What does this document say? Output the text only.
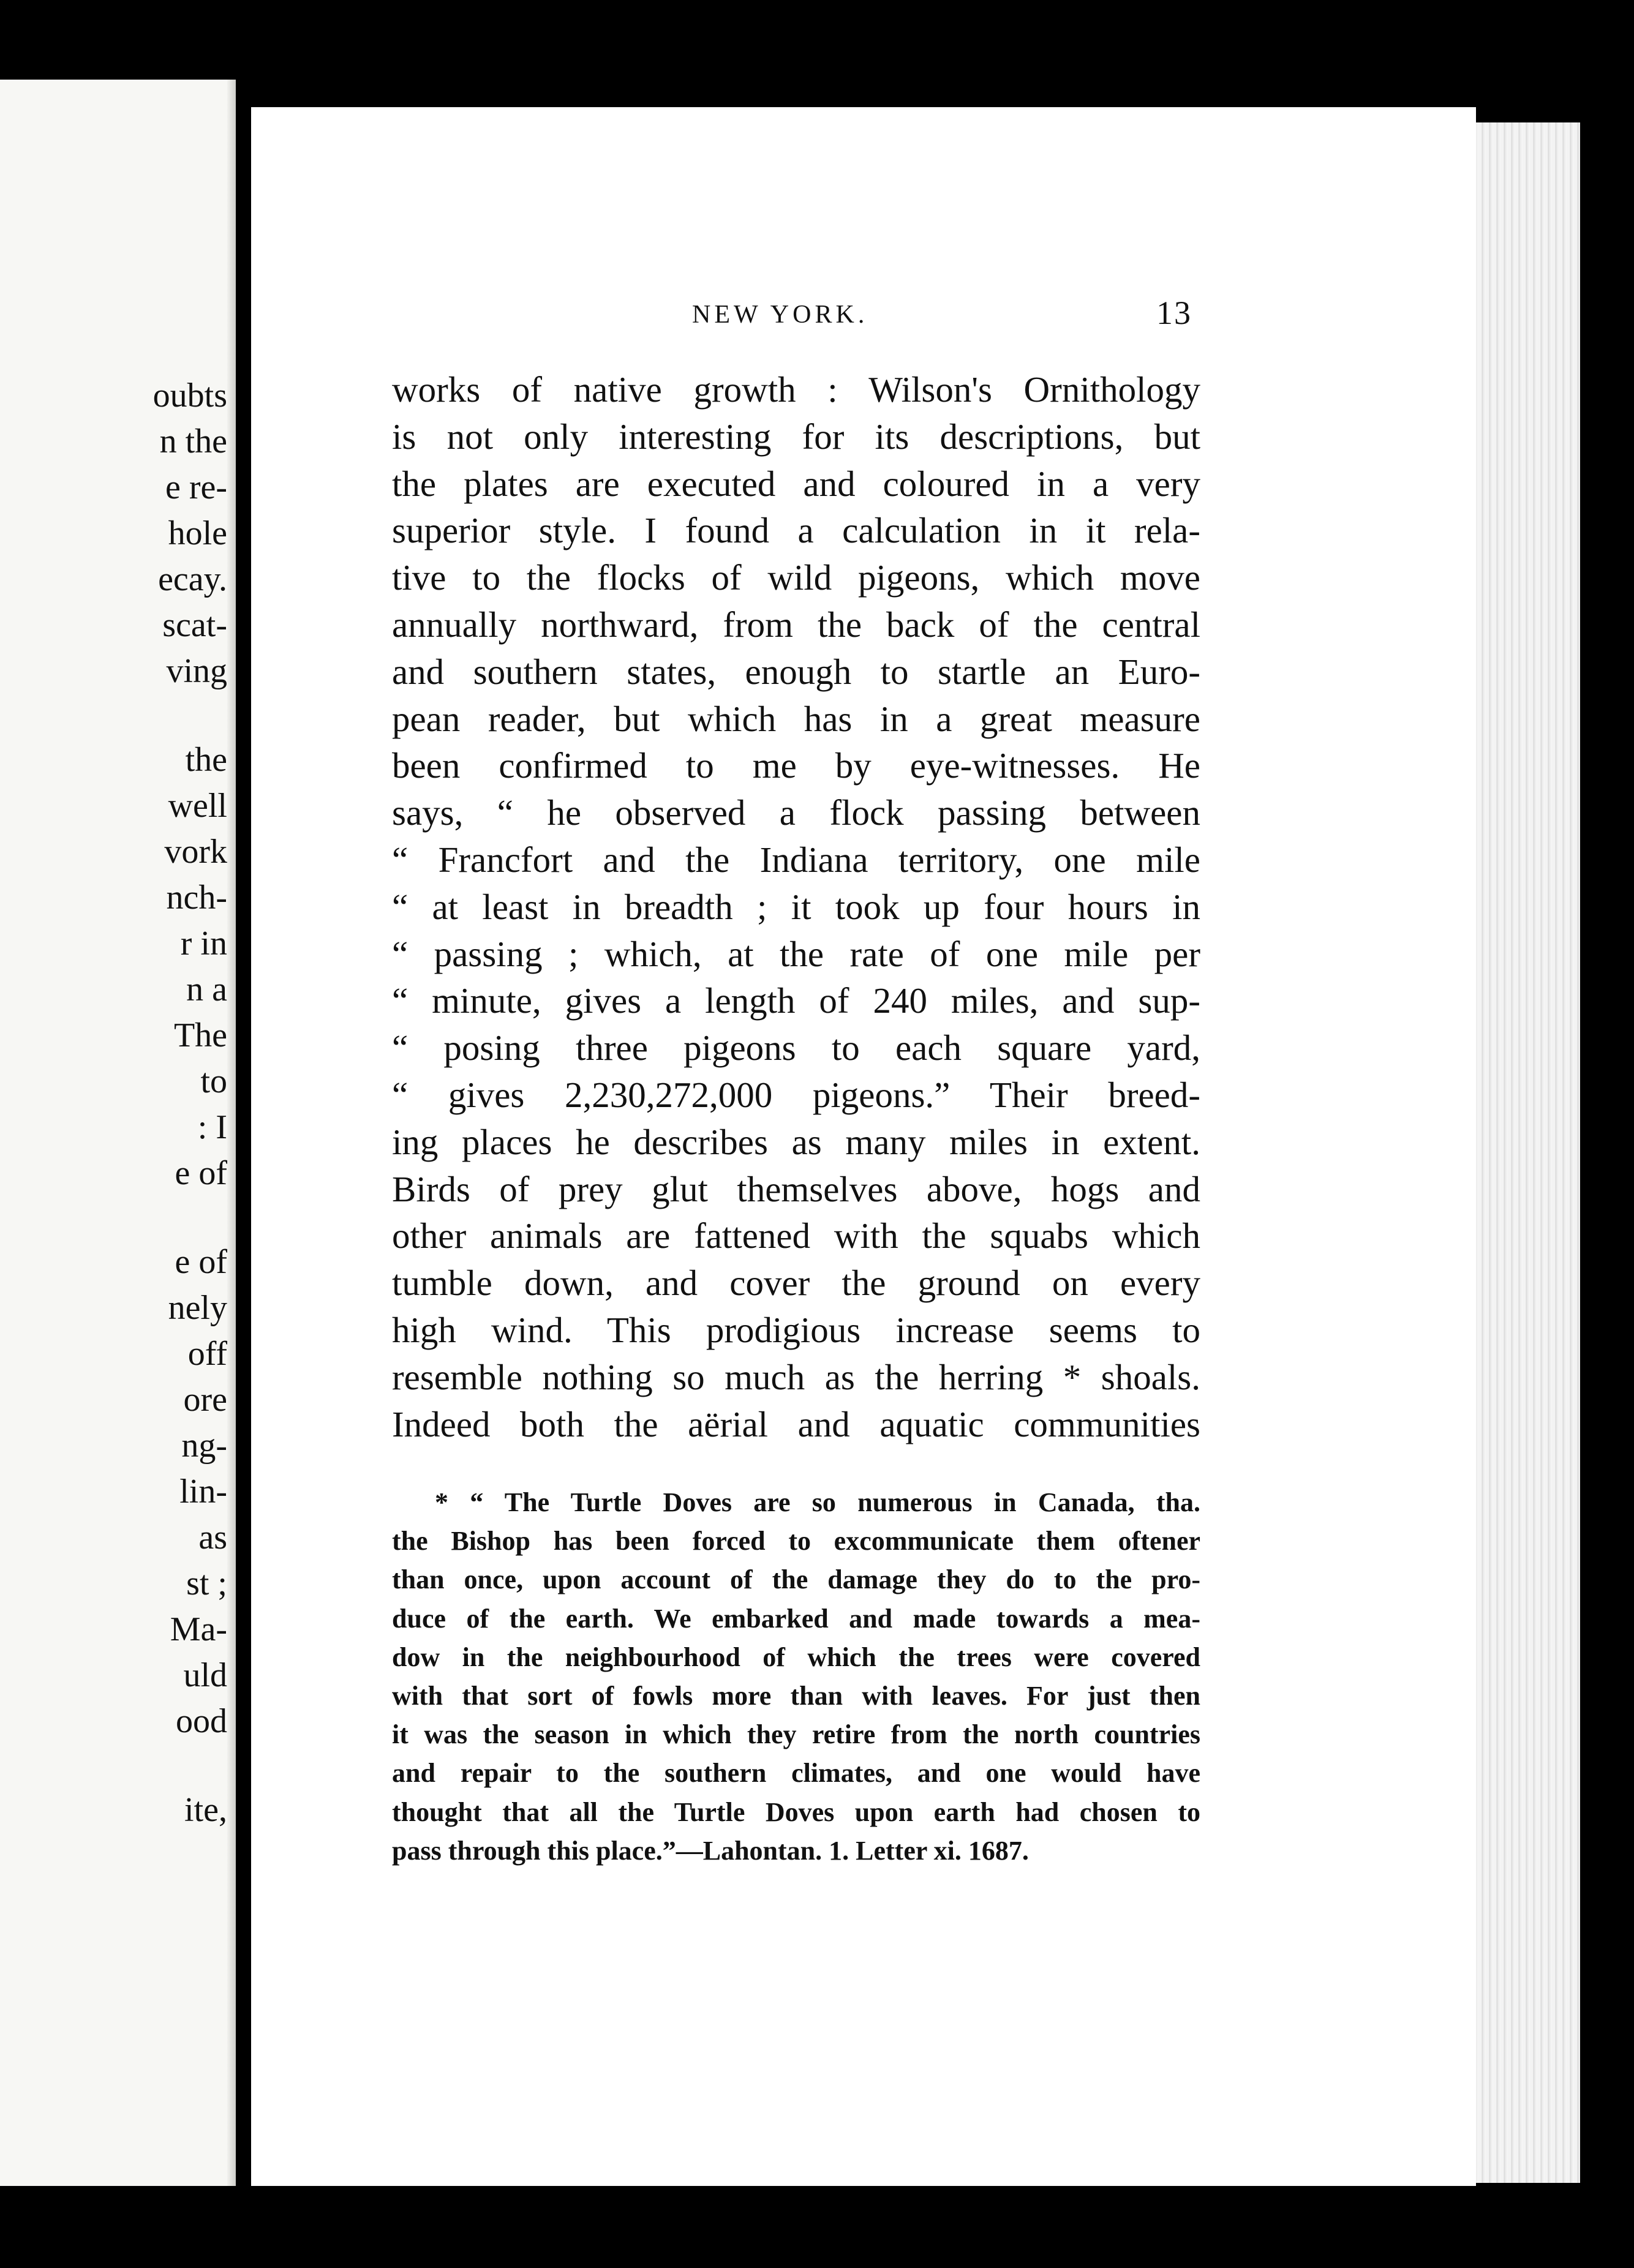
oubts
n the
e re-
hole
ecay.
scat-
ving
the
well
vork
nch-
r in
n a
The
to
: I
e of
e of
nely
off
ore
ng-
lin-
as
st ;
Ma-
uld
ood
ite,
NEW YORK.	13
works of native growth : Wilson's Ornithology
is not only interesting for its descriptions, but
the plates are executed and coloured in a very
superior style. I found a calculation in it rela-
tive to the flocks of wild pigeons, which move
annually northward, from the back of the central
and southern states, enough to startle an Euro-
pean reader, but which has in a great measure
been confirmed to me by eye-witnesses. He
says, “ he observed a flock passing between
“ Francfort and the Indiana territory, one mile
“ at least in breadth ; it took up four hours in
“ passing ; which, at the rate of one mile per
“ minute, gives a length of 240 miles, and sup-
“ posing three pigeons to each square yard,
“ gives 2,230,272,000 pigeons.” Their breed-
ing places he describes as many miles in extent.
Birds of prey glut themselves above, hogs and
other animals are fattened with the squabs which
tumble down, and cover the ground on every
high wind. This prodigious increase seems to
resemble nothing so much as the herring * shoals.
Indeed both the aërial and aquatic communities
* “ The Turtle Doves are so numerous in Canada, tha.
the Bishop has been forced to excommunicate them oftener
than once, upon account of the damage they do to the pro-
duce of the earth. We embarked and made towards a mea-
dow in the neighbourhood of which the trees were covered
with that sort of fowls more than with leaves. For just then
it was the season in which they retire from the north countries
and repair to the southern climates, and one would have
thought that all the Turtle Doves upon earth had chosen to
pass through this place.”—Lahontan. 1. Letter xi. 1687.
